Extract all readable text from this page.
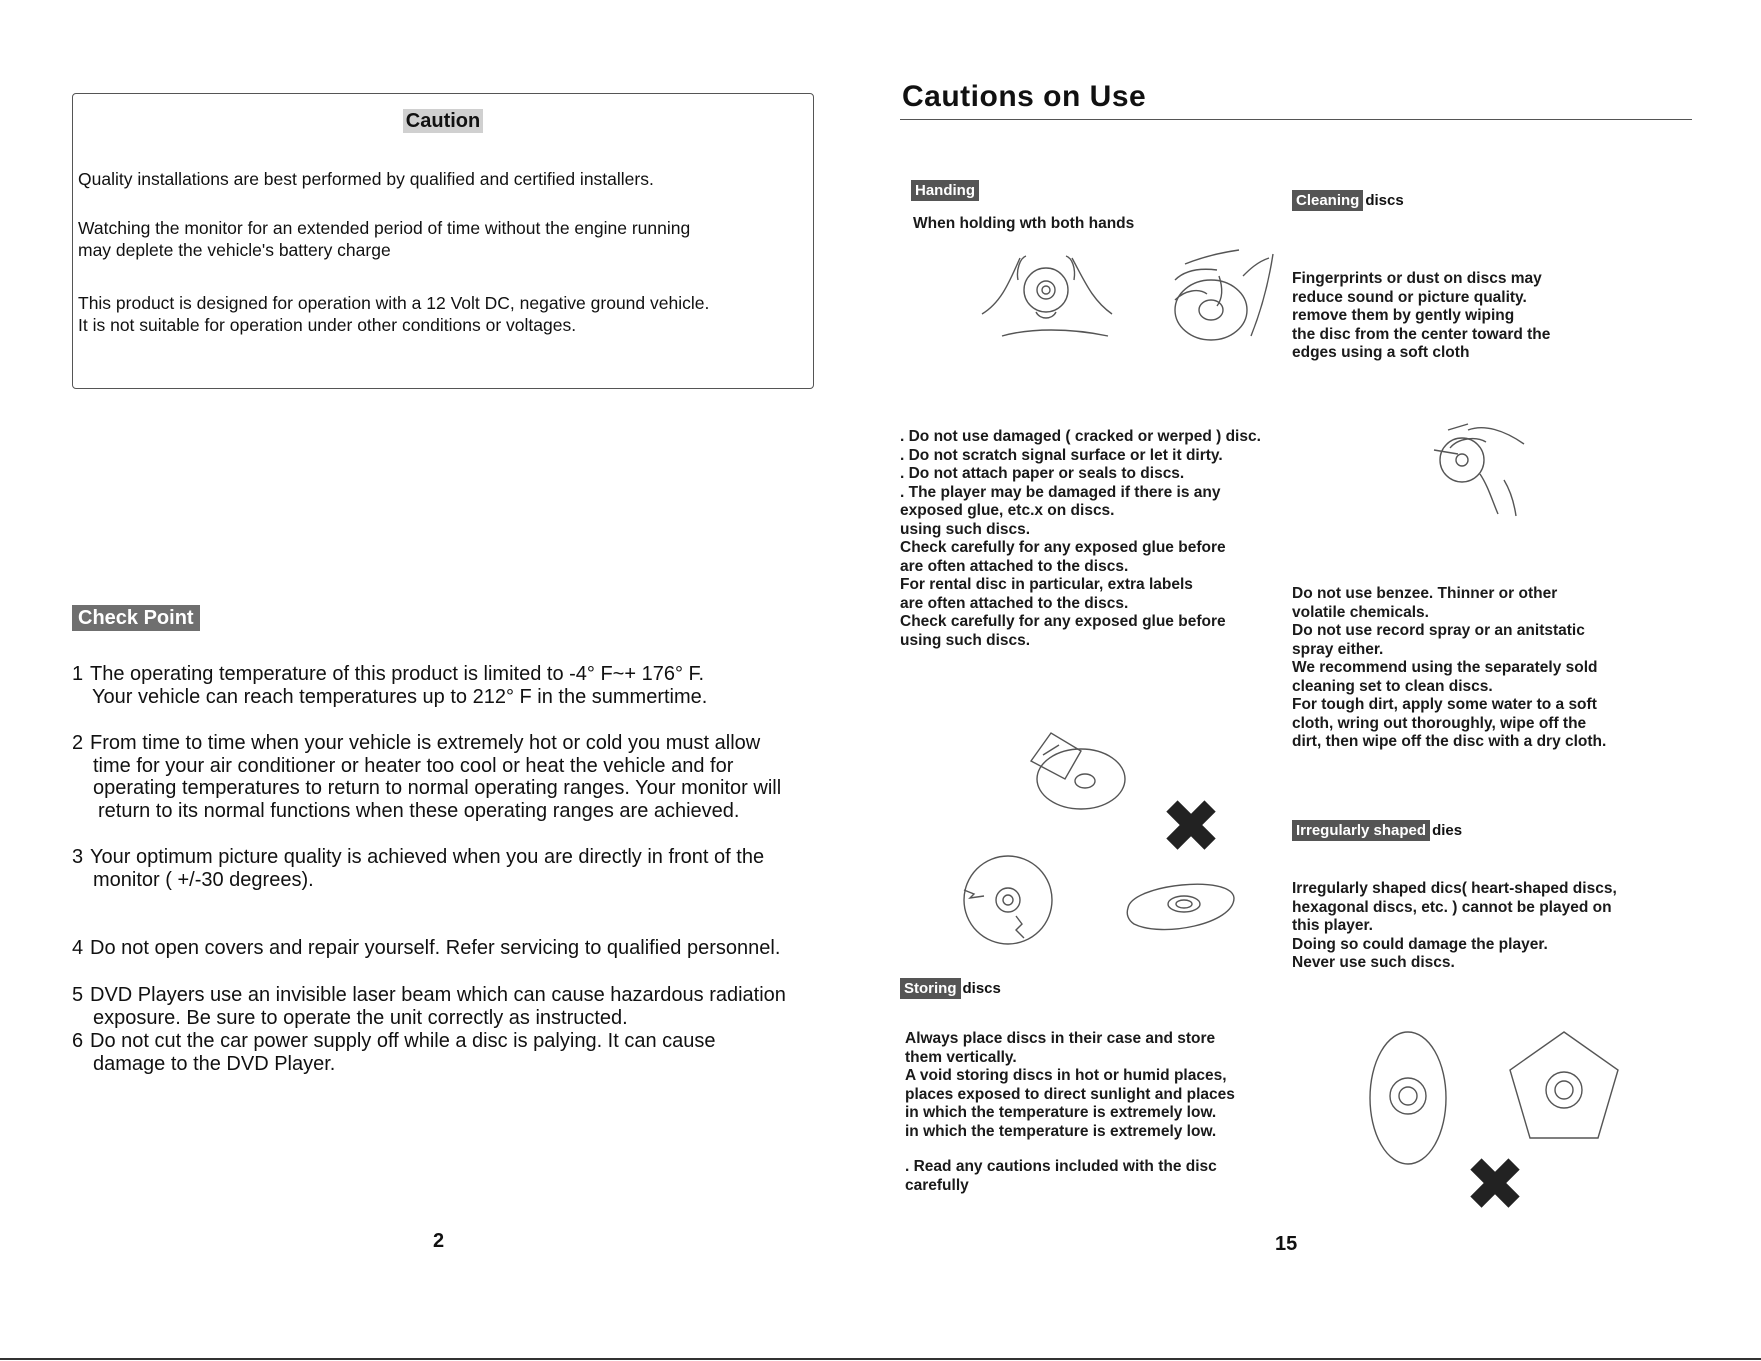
Caution
Quality installations are best performed by qualified and certified installers.
Watching the monitor for an extended period of time without the engine running
may deplete the vehicle's battery charge
This product is designed for operation with a 12 Volt DC, negative ground vehicle.
It is not suitable for operation under other conditions or voltages.
Check Point
1 The operating temperature of this product is limited to -4° F~+ 176° F.
Your vehicle can reach temperatures up to 212° F in the summertime.
2 From time to time when your vehicle is extremely hot or cold you must allow
time for your air conditioner or heater too cool or heat the vehicle and for
operating temperatures to return to normal operating ranges. Your monitor will
return to its normal functions when these operating ranges are achieved.
3 Your optimum picture quality is achieved when you are directly in front of the
monitor ( +/-30 degrees).
4 Do not open covers and repair yourself. Refer servicing to qualified personnel.
5 DVD Players use an invisible laser beam which can cause hazardous radiation
exposure. Be sure to operate the unit correctly as instructed.
6 Do not cut the car power supply off while a disc is palying. It can cause
damage to the DVD Player.
2
Cautions on Use
Handing
When holding wth both hands

. Do not use damaged ( cracked or werped ) disc.

. Do not scratch signal surface or let it dirty.

. Do not attach paper or seals to discs.

. The player may be damaged if there is any

exposed glue, etc.x on discs.

using such discs.

Check carefully for any exposed glue before

are often attached to the discs.

For rental disc in particular, extra labels

are often attached to the discs.

Check carefully for any exposed glue before

using such discs.

✖
Storing discs

Always place discs in their case and store

them vertically.

A void storing discs in hot or humid places,

places exposed to direct sunlight and places

in which the temperature is extremely low.

in which the temperature is extremely low.

. Read any cautions included with the disc

carefully

Cleaning discs

Fingerprints or dust on discs may

reduce sound or picture quality.

remove them by gently wiping

the disc from the center toward the

edges using a soft cloth

Do not use benzee. Thinner or other

volatile chemicals.

Do not use record spray or an anitstatic

spray either.

We recommend using the separately sold

cleaning set to clean discs.

For tough dirt, apply some water to a soft

cloth, wring out thoroughly, wipe off the

dirt, then wipe off the disc with a dry cloth.

Irregularly shaped dies

Irregularly shaped dics( heart-shaped discs,

hexagonal discs, etc. ) cannot be played on

this player.

Doing so could damage the player.

Never use such discs.

✖
15
